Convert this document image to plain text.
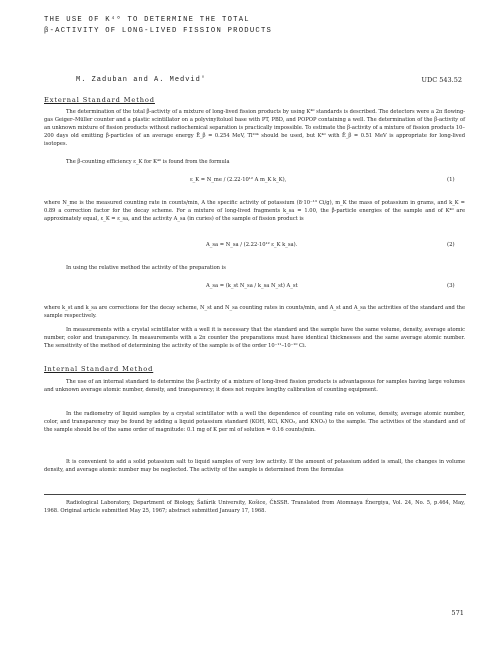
THE USE OF K⁴⁰ TO DETERMINE THE TOTAL
β-ACTIVITY OF LONG-LIVED FISSION PRODUCTS
M. Zaduban and A. Medvid'	UDC 543.52
External Standard Method

The determination of the total β-activity of a mixture of long-lived fission products by using K⁴⁰ standards is described. The detectors were a 2π flowing-gas Geiger–Müller counter and a plastic scintillator on a polyvinyltoluol base with PT, PBD, and POPOP containing a well. The determination of the β-activity of an unknown mixture of fission products without radiochemical separation is practically impossible. To estimate the β-activity of a mixture of fission products 10–200 days old emitting β-particles of an average energy Ē_β = 0.254 MeV, Tl²⁰⁴ should be used, but K⁴⁰ with Ē_β = 0.51 MeV is appropriate for long-lived isotopes.

The β-counting efficiency ε_K for K⁴⁰ is found from the formula

ε_K = N_me / (2.22·10¹² A m_K k_K),	(1)

where N_me is the measured counting rate in counts/min, A the specific activity of potassium (8·10⁻¹³ Ci/g), m_K the mass of potassium in grams, and k_K = 0.89 a correction factor for the decay scheme. For a mixture of long-lived fragments k_sa = 1.00, the β-particle energies of the sample and of K⁴⁰ are approximately equal, ε_K = ε_sa, and the activity A_sa (in curies) of the sample of fission product is

A_sa = N_sa / (2.22·10¹² ε_K k_sa).	(2)

In using the relative method the activity of the preparation is

A_sa = (k_st N_sa / k_sa N_st) A_st	(3)

where k_st and k_sa are corrections for the decay scheme, N_st and N_sa counting rates in counts/min, and A_st and A_sa the activities of the standard and the sample respectively.

In measurements with a crystal scintillator with a well it is necessary that the standard and the sample have the same volume, density, average atomic number, color and transparency. In measurements with a 2π counter the preparations must have identical thicknesses and the same average atomic number. The sensitivity of the method of determining the activity of the sample is of the order 10⁻¹¹–10⁻¹⁰ Ci.

Internal Standard Method

The use of an internal standard to determine the β-activity of a mixture of long-lived fission products is advantageous for samples having large volumes and unknown average atomic number, density, and transparency; it does not require lengthy calibration of counting equipment.

In the radiometry of liquid samples by a crystal scintillator with a well the dependence of counting rate on volume, density, average atomic number, color, and transparency may be found by adding a liquid potassium standard (KOH, KCl, KNO₃, and KNO₂) to the sample. The activities of the standard and of the sample should be of the same order of magnitude: 0.1 mg of K per ml of solution = 0.16 counts/min.

It is convenient to add a solid potassium salt to liquid samples of very low activity. If the amount of potassium added is small, the changes in volume density, and average atomic number may be neglected. The activity of the sample is determined from the formulas

Radiological Laboratory, Department of Biology, Šafárik University, Košice, ČhSSR. Translated from Atomnaya Énergiya, Vol. 24, No. 5, p.464, May, 1968. Original article submitted May 25, 1967; abstract submitted January 17, 1968.

571
